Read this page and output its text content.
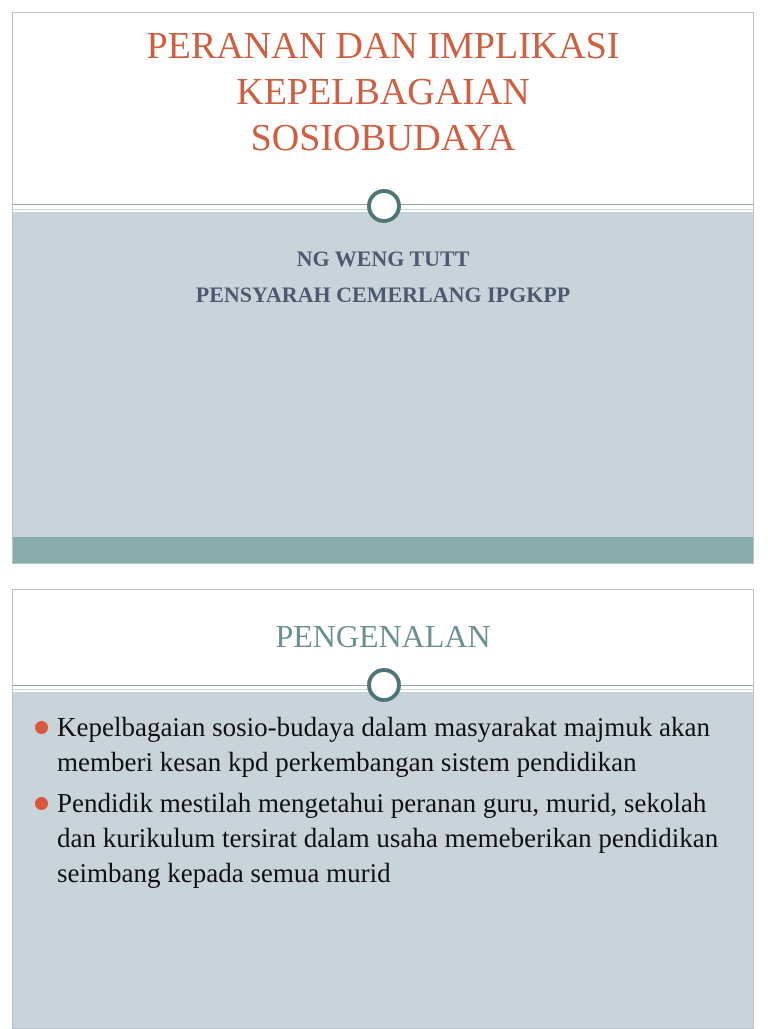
PERANAN DAN IMPLIKASI
KEPELBAGAIAN
SOSIOBUDAYA
NG WENG TUTT
PENSYARAH CEMERLANG IPGKPP
PENGENALAN
Kepelbagaian sosio-budaya dalam masyarakat majmuk akan memberi kesan kpd perkembangan sistem pendidikan
Pendidik mestilah mengetahui peranan guru, murid, sekolah dan kurikulum tersirat dalam usaha memeberikan pendidikan seimbang kepada semua murid
